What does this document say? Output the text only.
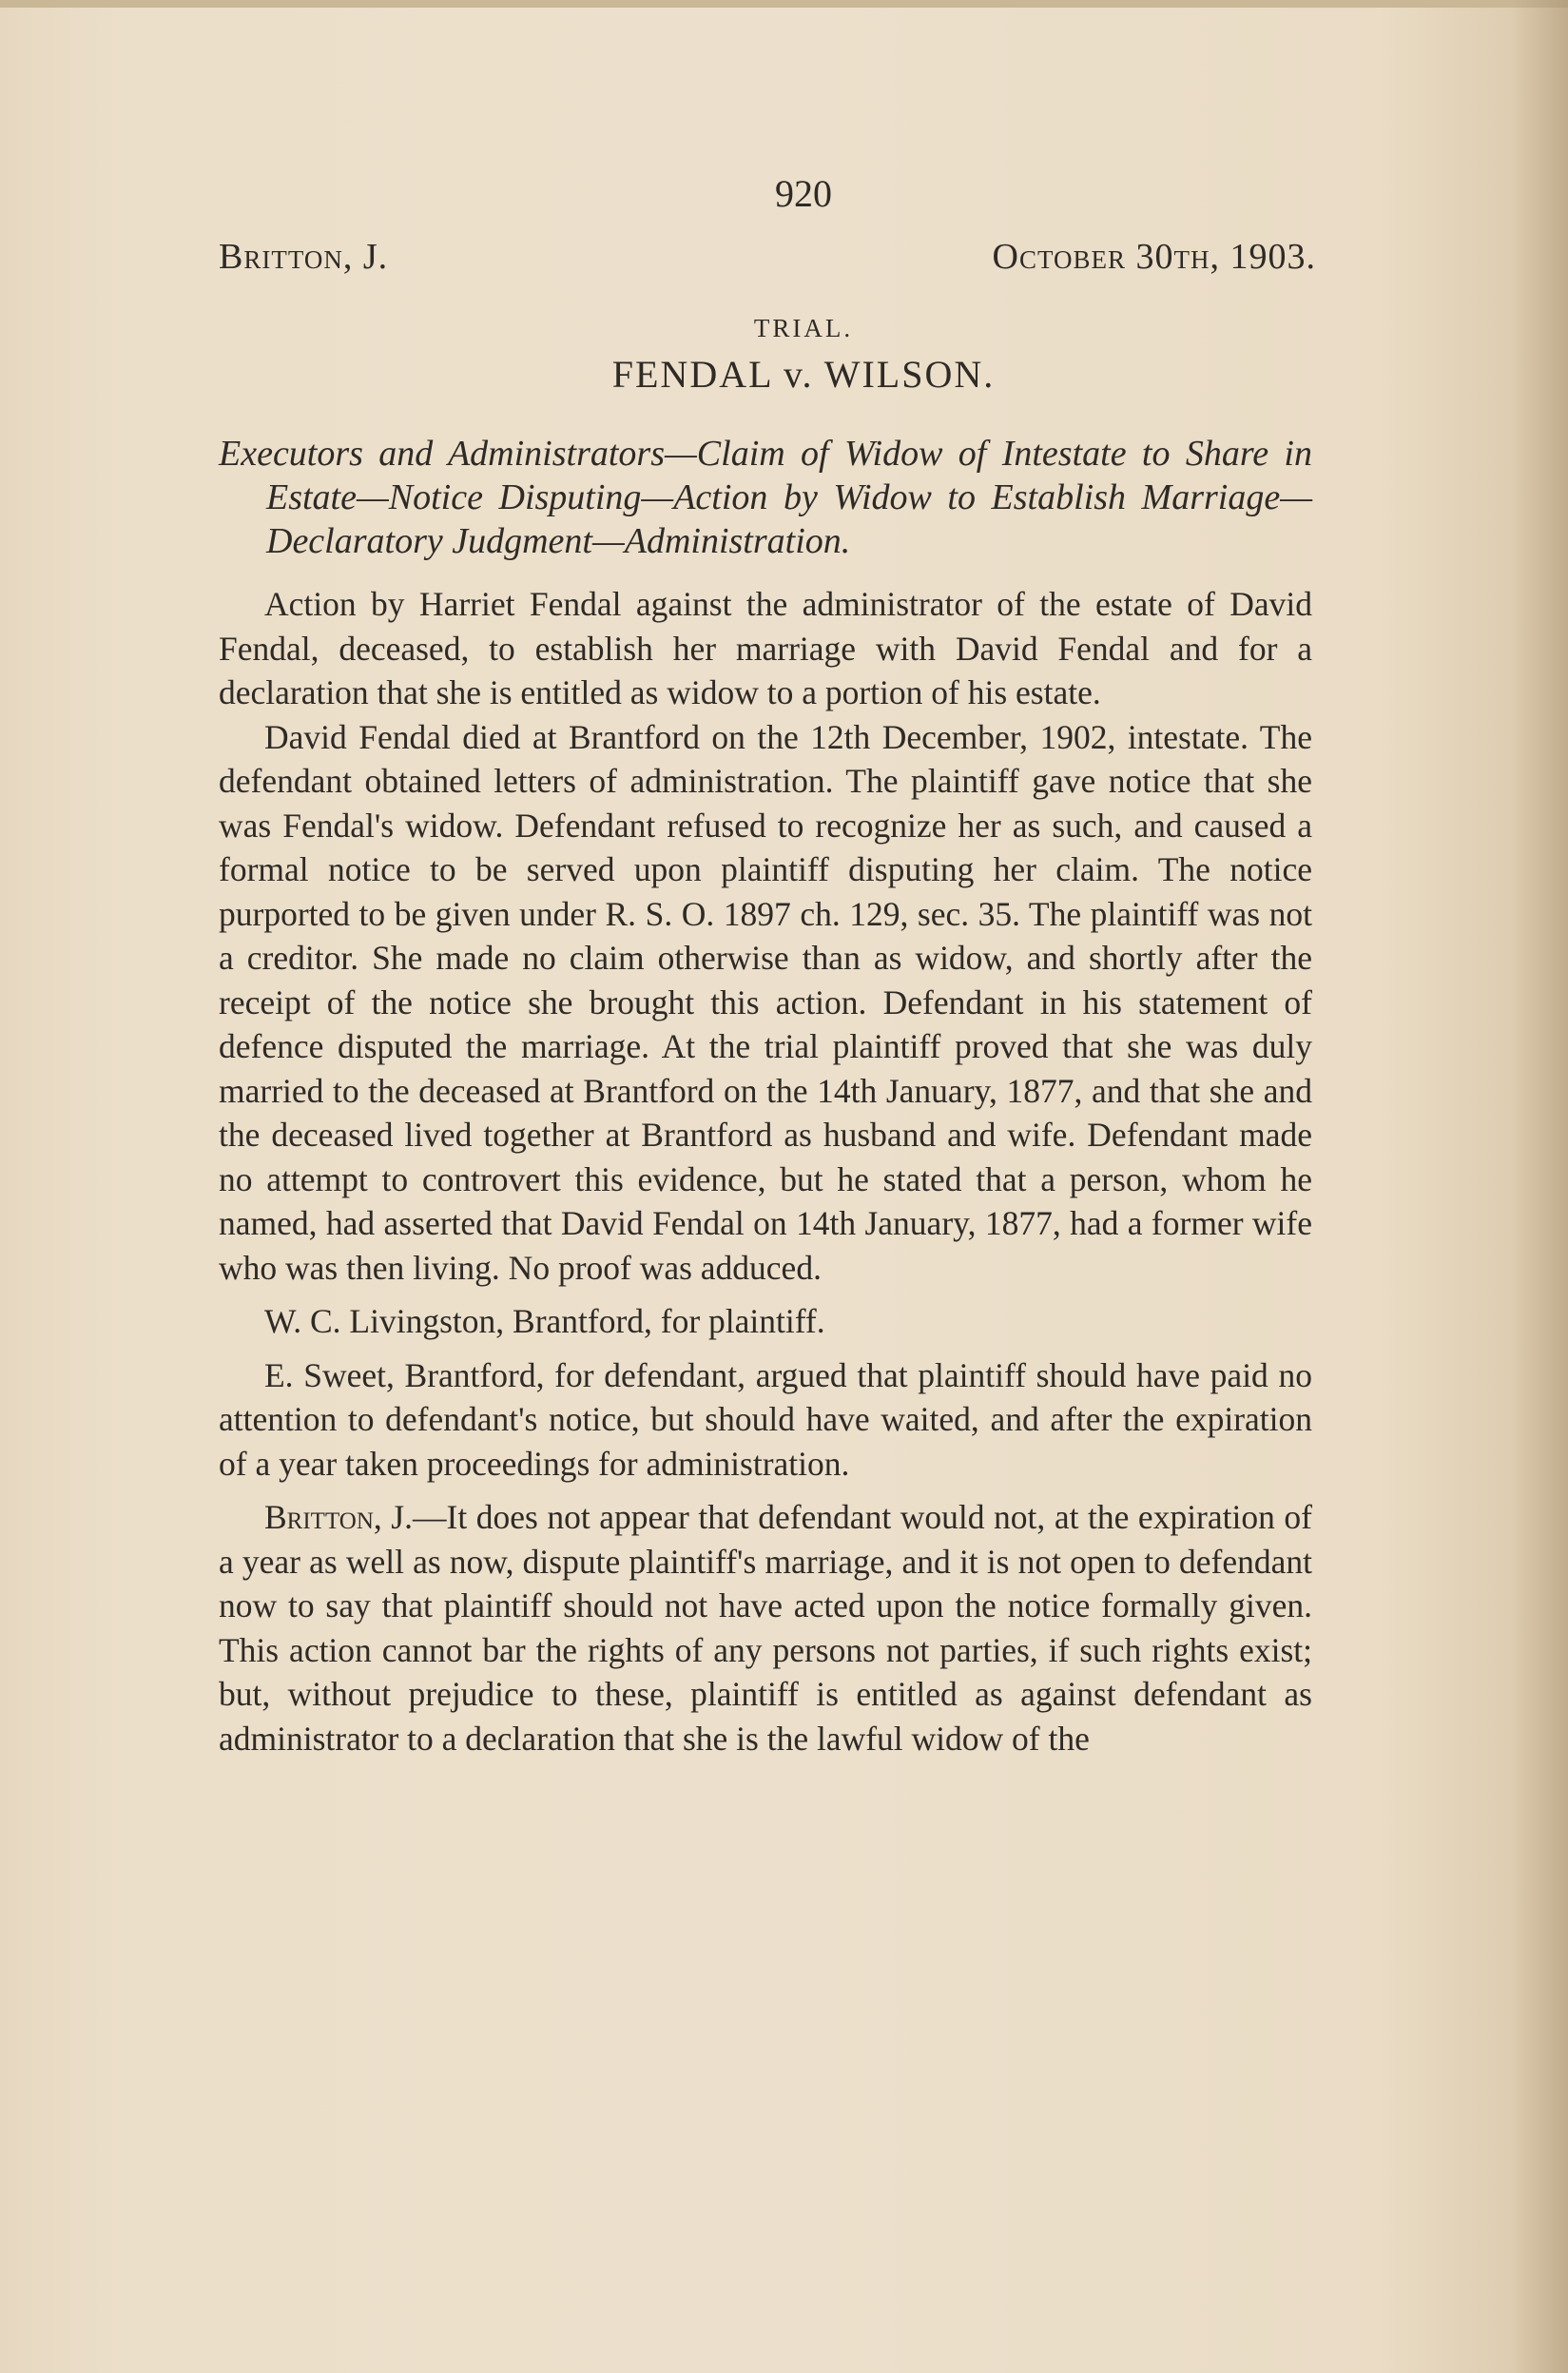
920
Britton, J.	October 30th, 1903.
TRIAL.
FENDAL v. WILSON.
Executors and Administrators—Claim of Widow of Intestate to Share in Estate—Notice Disputing—Action by Widow to Establish Marriage—Declaratory Judgment—Administration.

Action by Harriet Fendal against the administrator of the estate of David Fendal, deceased, to establish her marriage with David Fendal and for a declaration that she is entitled as widow to a portion of his estate.

David Fendal died at Brantford on the 12th December, 1902, intestate. The defendant obtained letters of administration. The plaintiff gave notice that she was Fendal's widow. Defendant refused to recognize her as such, and caused a formal notice to be served upon plaintiff disputing her claim. The notice purported to be given under R. S. O. 1897 ch. 129, sec. 35. The plaintiff was not a creditor. She made no claim otherwise than as widow, and shortly after the receipt of the notice she brought this action. Defendant in his statement of defence disputed the marriage. At the trial plaintiff proved that she was duly married to the deceased at Brantford on the 14th January, 1877, and that she and the deceased lived together at Brantford as husband and wife. Defendant made no attempt to controvert this evidence, but he stated that a person, whom he named, had asserted that David Fendal on 14th January, 1877, had a former wife who was then living. No proof was adduced.

W. C. Livingston, Brantford, for plaintiff.

E. Sweet, Brantford, for defendant, argued that plaintiff should have paid no attention to defendant's notice, but should have waited, and after the expiration of a year taken proceedings for administration.

Britton, J.—It does not appear that defendant would not, at the expiration of a year as well as now, dispute plaintiff's marriage, and it is not open to defendant now to say that plaintiff should not have acted upon the notice formally given. This action cannot bar the rights of any persons not parties, if such rights exist; but, without prejudice to these, plaintiff is entitled as against defendant as administrator to a declaration that she is the lawful widow of the
